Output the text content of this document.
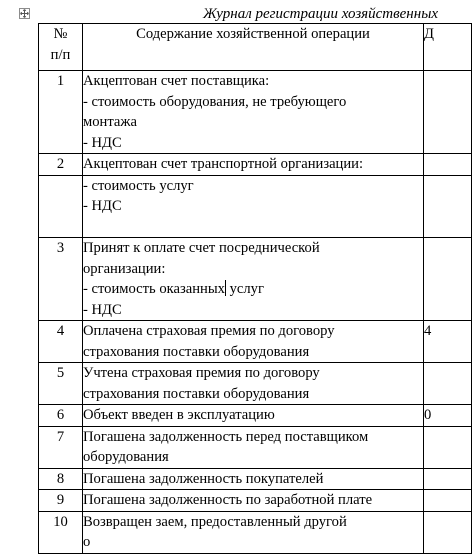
Журнал регистрации хозяйственных
№
п/п	Содержание хозяйственной операции	Д
1	Акцептован счет поставщика:
- стоимость оборудования, не требующего
монтажа
- НДС	

2	Акцептован счет транспортной организации:	

	- стоимость услуг
- НДС	

3	Принят к оплате счет посреднической
организации:
- стоимость оказанных услуг
- НДС	

4	Оплачена страховая премия по договору
страхования поставки оборудования	4
5	Учтена страховая премия по договору
страхования поставки оборудования	

6	Объект введен в эксплуатацию	0
7	Погашена задолженность перед поставщиком
оборудования	

8	Погашена задолженность покупателей	

9	Погашена задолженность по заработной плате	

10	Возвращен заем, предоставленный другой
о	
